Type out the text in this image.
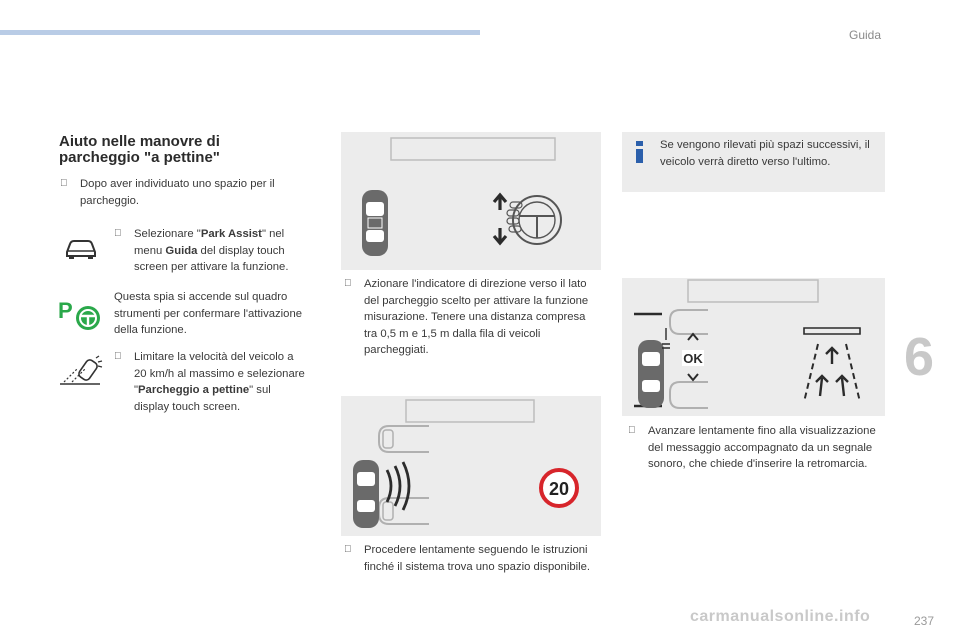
Guida
6
237
Aiuto nelle manovre di
parcheggio "a pettine"
Dopo aver individuato uno spazio per il parcheggio.
Selezionare "Park Assist" nel menu Guida del display touch screen per attivare la funzione.
P
Questa spia si accende sul quadro strumenti per confermare l'attivazione della funzione.
Limitare la velocità del veicolo a 20 km/h al massimo e selezionare "Parcheggio a pettine" sul display touch screen.
Azionare l'indicatore di direzione verso il lato del parcheggio scelto per attivare la funzione misurazione. Tenere una distanza compresa tra 0,5 m e 1,5 m dalla fila di veicoli parcheggiati.
20
Procedere lentamente seguendo le istruzioni finché il sistema trova uno spazio disponibile.
Se vengono rilevati più spazi successivi, il veicolo verrà diretto verso l'ultimo.
OK
Avanzare lentamente fino alla visualizzazione del messaggio accompagnato da un segnale sonoro, che chiede d'inserire la retromarcia.
carmanualsonline.info
